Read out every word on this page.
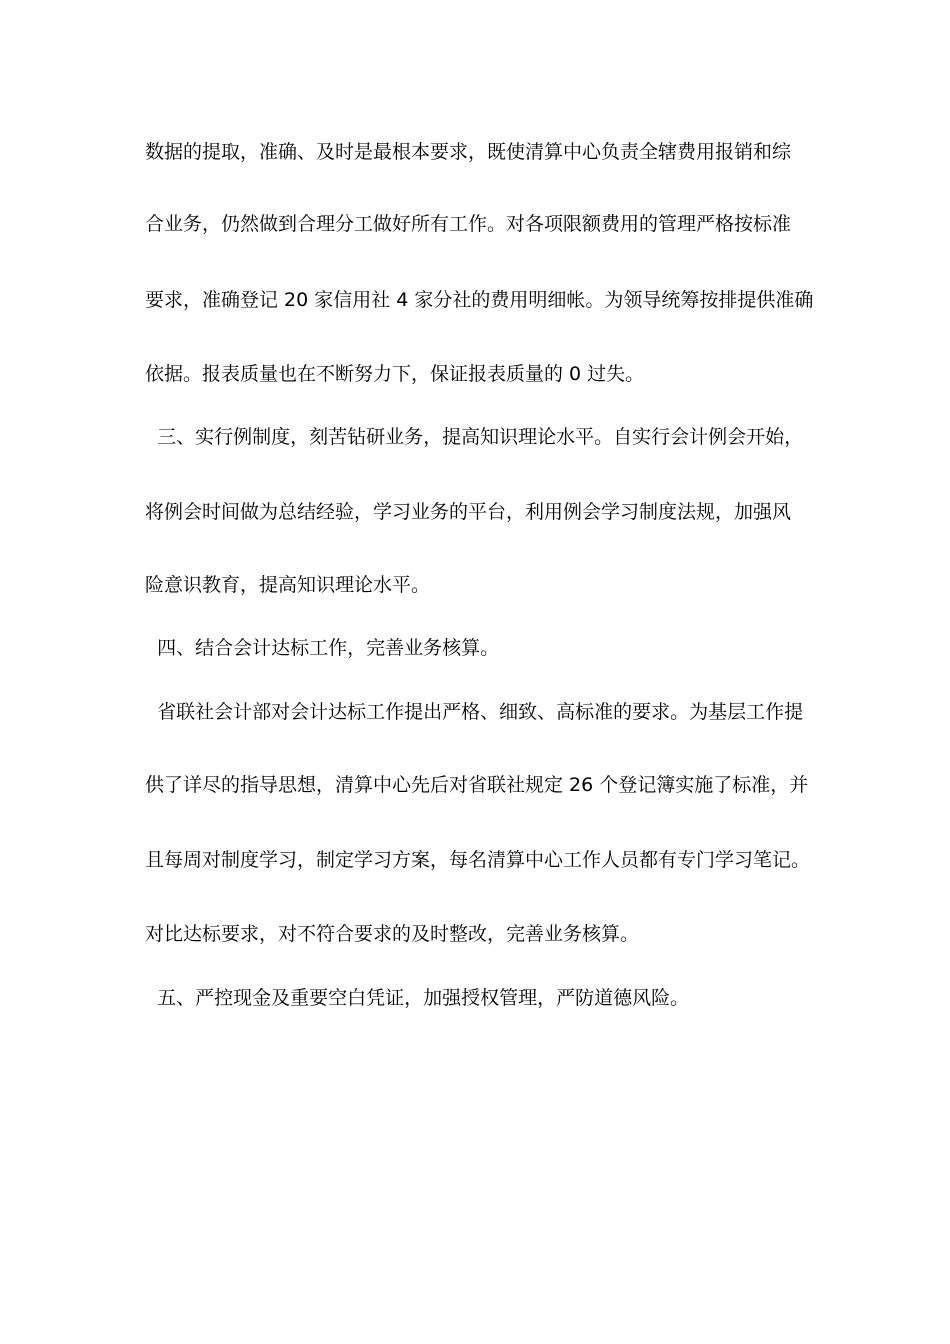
数据的提取，准确、及时是最根本要求，既使清算中心负责全辖费用报销和综
合业务，仍然做到合理分工做好所有工作。对各项限额费用的管理严格按标准
要求，准确登记 20 家信用社 4 家分社的费用明细帐。为领导统筹按排提供准确
依据。报表质量也在不断努力下，保证报表质量的 0 过失。
三、实行例制度，刻苦钻研业务，提高知识理论水平。自实行会计例会开始，
将例会时间做为总结经验，学习业务的平台，利用例会学习制度法规，加强风
险意识教育，提高知识理论水平。
四、结合会计达标工作，完善业务核算。
省联社会计部对会计达标工作提出严格、细致、高标准的要求。为基层工作提
供了详尽的指导思想，清算中心先后对省联社规定 26 个登记簿实施了标准，并
且每周对制度学习，制定学习方案，每名清算中心工作人员都有专门学习笔记。
对比达标要求，对不符合要求的及时整改，完善业务核算。
五、严控现金及重要空白凭证，加强授权管理，严防道德风险。
